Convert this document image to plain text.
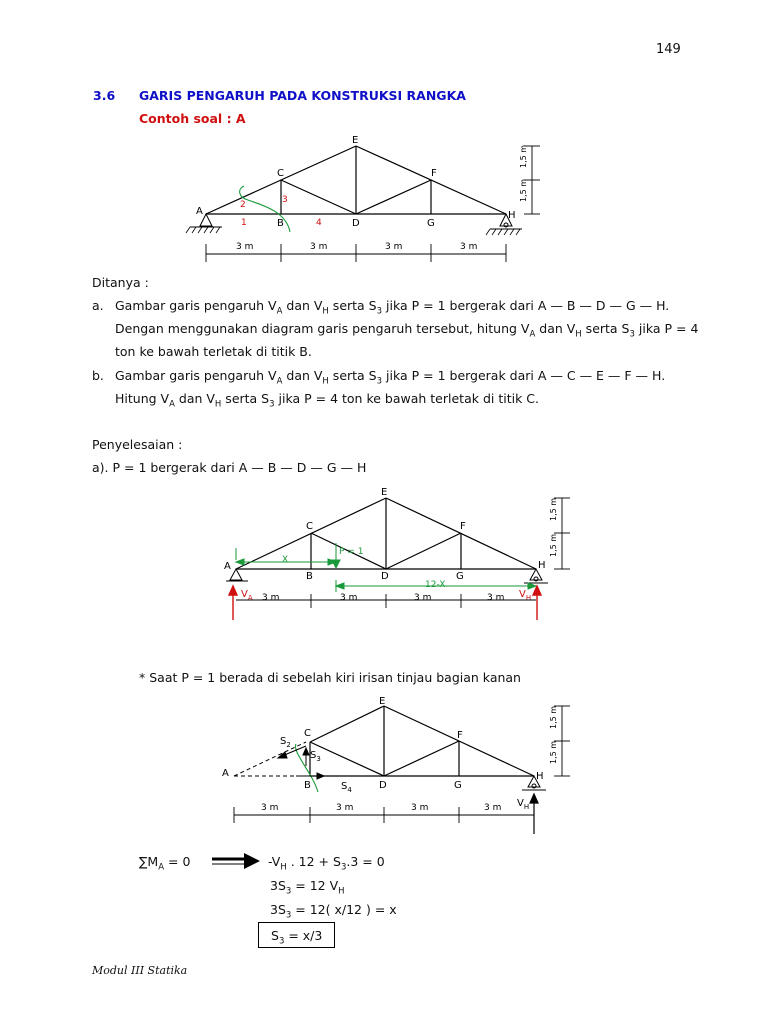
149
3.6 GARIS PENGARUH PADA KONSTRUKSI RANGKA
Contoh soal : A
A
B
C
D
E
F
G
H
1
2	3
4
3 m	3 m	3 m	3 m
1,5 m
1,5 m
Ditanya :
a. Gambar garis pengaruh $V_A$ dan $V_H$ serta $S_3$ jika P = 1 bergerak dari A — B — D — G — H.
Dengan menggunakan diagram garis pengaruh tersebut, hitung $V_A$ dan $V_H$ serta $S_3$ jika P = 4
ton ke bawah terletak di titik B.
b. Gambar garis pengaruh $V_A$ dan $V_H$ serta $S_3$ jika P = 1 bergerak dari A — C — E — F — H.
Hitung $V_A$ dan $V_H$ serta $S_3$ jika P = 4 ton ke bawah terletak di titik C.
Penyelesaian :
a). P = 1 bergerak dari A — B — D — G — H
P = 1
X
12-X
$V_A$	$V_H$
A
B
C
D
E
F
G
H
3 m	3 m	3 m	3 m
1,5 m
1,5 m
* Saat P = 1 berada di sebelah kiri irisan tinjau bagian kanan
A
B
C
D
E
F
G
H
$S_2$
$S_3$
$S_4$
$V_H$
3 m	3 m	3 m	3 m
1,5 m
1,5 m
$\sum M_A = 0$	$-V_H$ . $12 + S_3.3 = 0$
$3S_3 = 12$ $V_H$
$3S_3 = 12$( x/12 ) = x
$S_3 = x/3$
Modul III Statika
